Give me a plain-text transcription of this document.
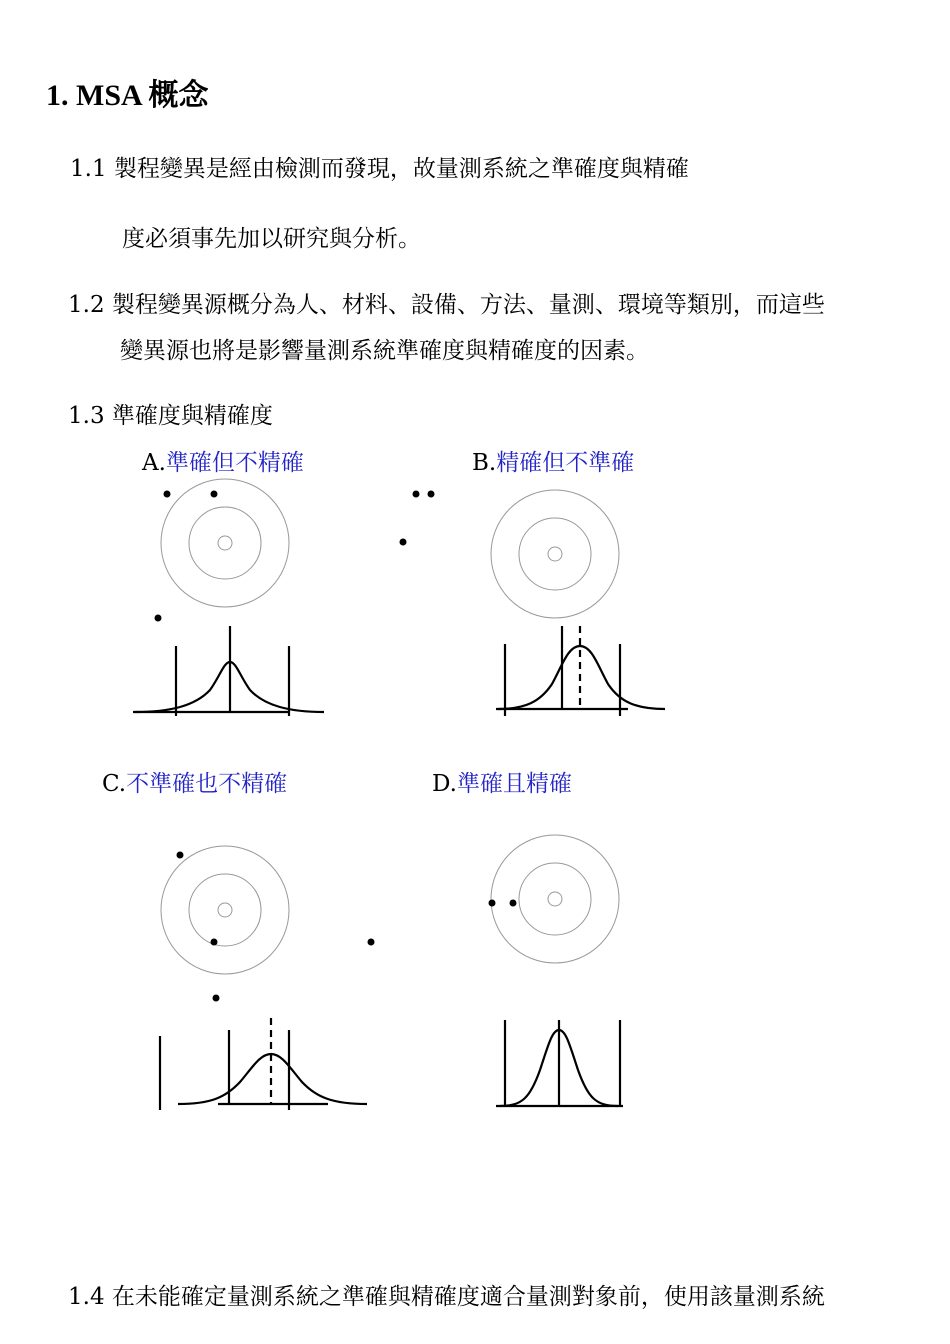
1. MSA 概念
1.1 製程變異是經由檢測而發現，故量測系統之準確度與精確
度必須事先加以研究與分析。
1.2 製程變異源概分為人、材料、設備、方法、量測、環境等類別，而這些
變異源也將是影響量測系統準確度與精確度的因素。
1.3 準確度與精確度
A.準確但不精確	B.精確但不準確
C.不準確也不精確	D.準確且精確
1.4 在未能確定量測系統之準確與精確度適合量測對象前，使用該量測系統
